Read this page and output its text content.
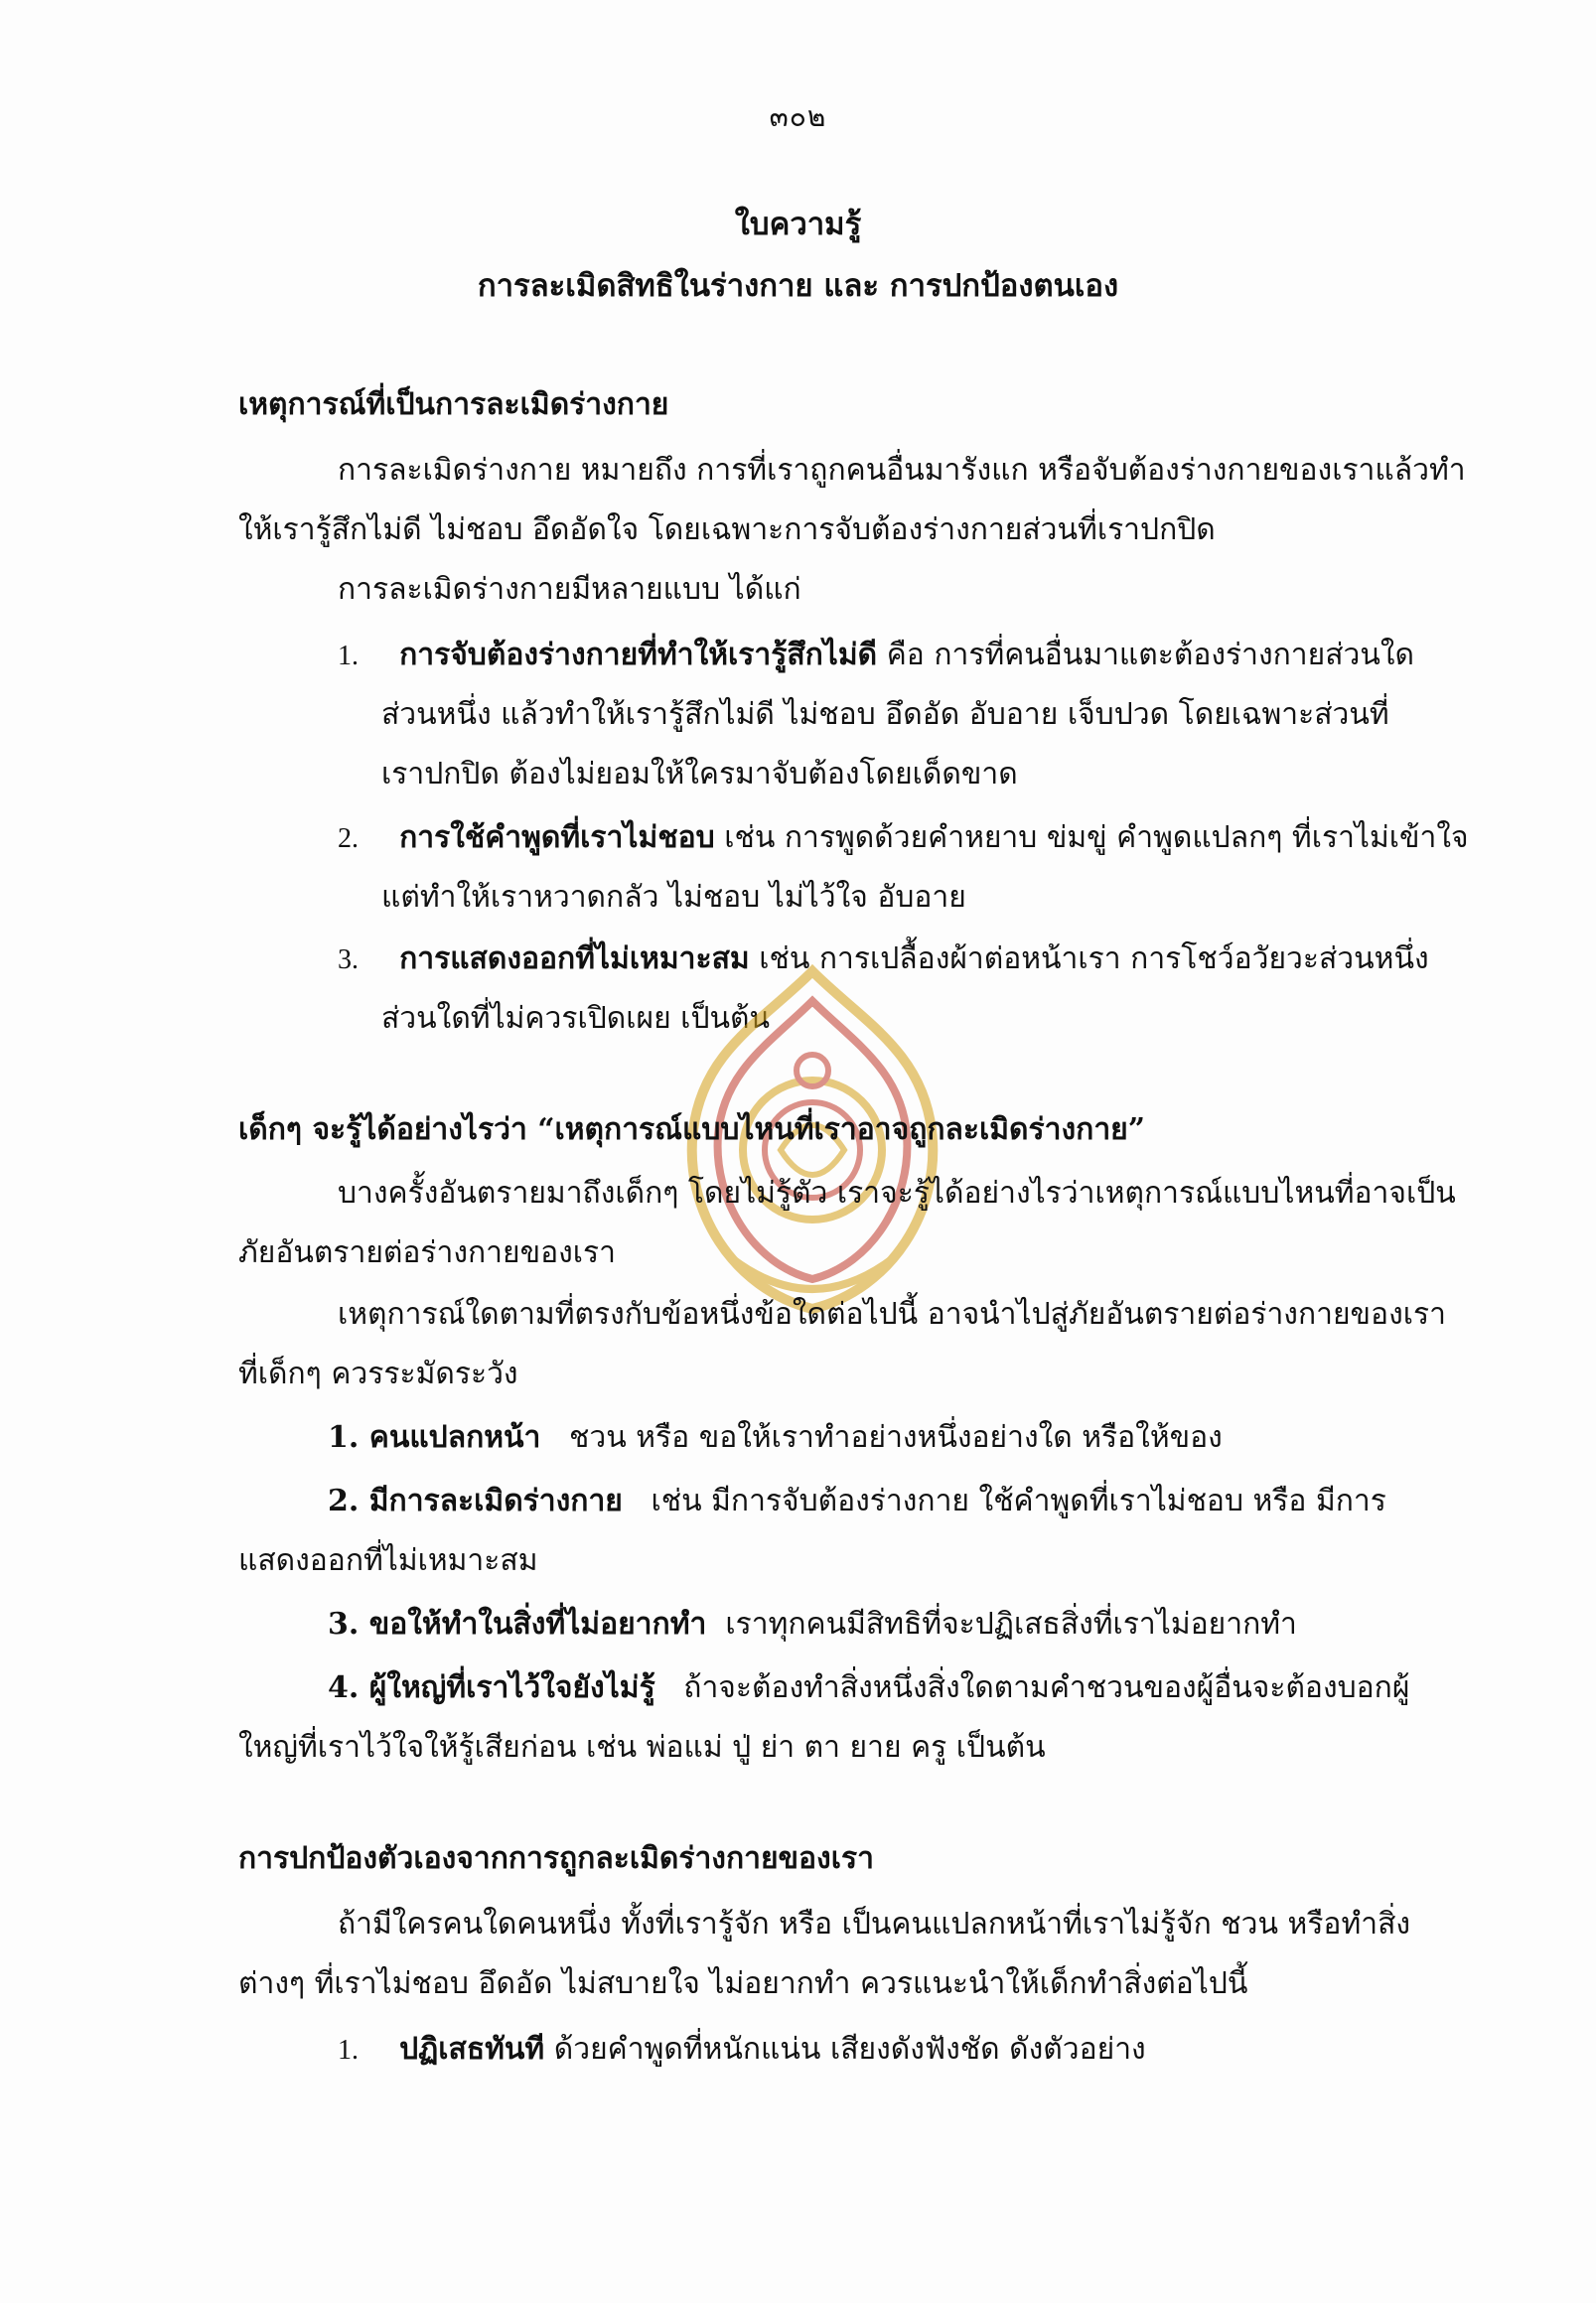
๓๐๒
ใบความรู้
การละเมิดสิทธิในร่างกาย และ การปกป้องตนเอง
เหตุการณ์ที่เป็นการละเมิดร่างกาย
การละเมิดร่างกาย หมายถึง การที่เราถูกคนอื่นมารังแก หรือจับต้องร่างกายของเราแล้วทำ
ให้เรารู้สึกไม่ดี ไม่ชอบ อึดอัดใจ โดยเฉพาะการจับต้องร่างกายส่วนที่เราปกปิด
การละเมิดร่างกายมีหลายแบบ ได้แก่
1. การจับต้องร่างกายที่ทำให้เรารู้สึกไม่ดี คือ การที่คนอื่นมาแตะต้องร่างกายส่วนใด
ส่วนหนึ่ง แล้วทำให้เรารู้สึกไม่ดี ไม่ชอบ อึดอัด อับอาย เจ็บปวด โดยเฉพาะส่วนที่
เราปกปิด ต้องไม่ยอมให้ใครมาจับต้องโดยเด็ดขาด
2. การใช้คำพูดที่เราไม่ชอบ เช่น การพูดด้วยคำหยาบ ข่มขู่ คำพูดแปลกๆ ที่เราไม่เข้าใจ
แต่ทำให้เราหวาดกลัว ไม่ชอบ ไม่ไว้ใจ อับอาย
3. การแสดงออกที่ไม่เหมาะสม เช่น การเปลื้องผ้าต่อหน้าเรา การโชว์อวัยวะส่วนหนึ่ง
ส่วนใดที่ไม่ควรเปิดเผย เป็นต้น
เด็กๆ จะรู้ได้อย่างไรว่า “เหตุการณ์แบบไหนที่เราอาจถูกละเมิดร่างกาย”
บางครั้งอันตรายมาถึงเด็กๆ โดยไม่รู้ตัว เราจะรู้ได้อย่างไรว่าเหตุการณ์แบบไหนที่อาจเป็น
ภัยอันตรายต่อร่างกายของเรา
เหตุการณ์ใดตามที่ตรงกับข้อหนึ่งข้อใดต่อไปนี้ อาจนำไปสู่ภัยอันตรายต่อร่างกายของเรา
ที่เด็กๆ ควรระมัดระวัง
1. คนแปลกหน้า   ชวน หรือ ขอให้เราทำอย่างหนึ่งอย่างใด หรือให้ของ
2. มีการละเมิดร่างกาย   เช่น มีการจับต้องร่างกาย ใช้คำพูดที่เราไม่ชอบ หรือ มีการ
แสดงออกที่ไม่เหมาะสม
3. ขอให้ทำในสิ่งที่ไม่อยากทำ  เราทุกคนมีสิทธิที่จะปฏิเสธสิ่งที่เราไม่อยากทำ
4. ผู้ใหญ่ที่เราไว้ใจยังไม่รู้   ถ้าจะต้องทำสิ่งหนึ่งสิ่งใดตามคำชวนของผู้อื่นจะต้องบอกผู้
ใหญ่ที่เราไว้ใจให้รู้เสียก่อน เช่น พ่อแม่ ปู่ ย่า ตา ยาย ครู เป็นต้น
การปกป้องตัวเองจากการถูกละเมิดร่างกายของเรา
ถ้ามีใครคนใดคนหนึ่ง ทั้งที่เรารู้จัก หรือ เป็นคนแปลกหน้าที่เราไม่รู้จัก ชวน หรือทำสิ่ง
ต่างๆ ที่เราไม่ชอบ อึดอัด ไม่สบายใจ ไม่อยากทำ ควรแนะนำให้เด็กทำสิ่งต่อไปนี้
1. ปฏิเสธทันที ด้วยคำพูดที่หนักแน่น เสียงดังฟังชัด ดังตัวอย่าง
